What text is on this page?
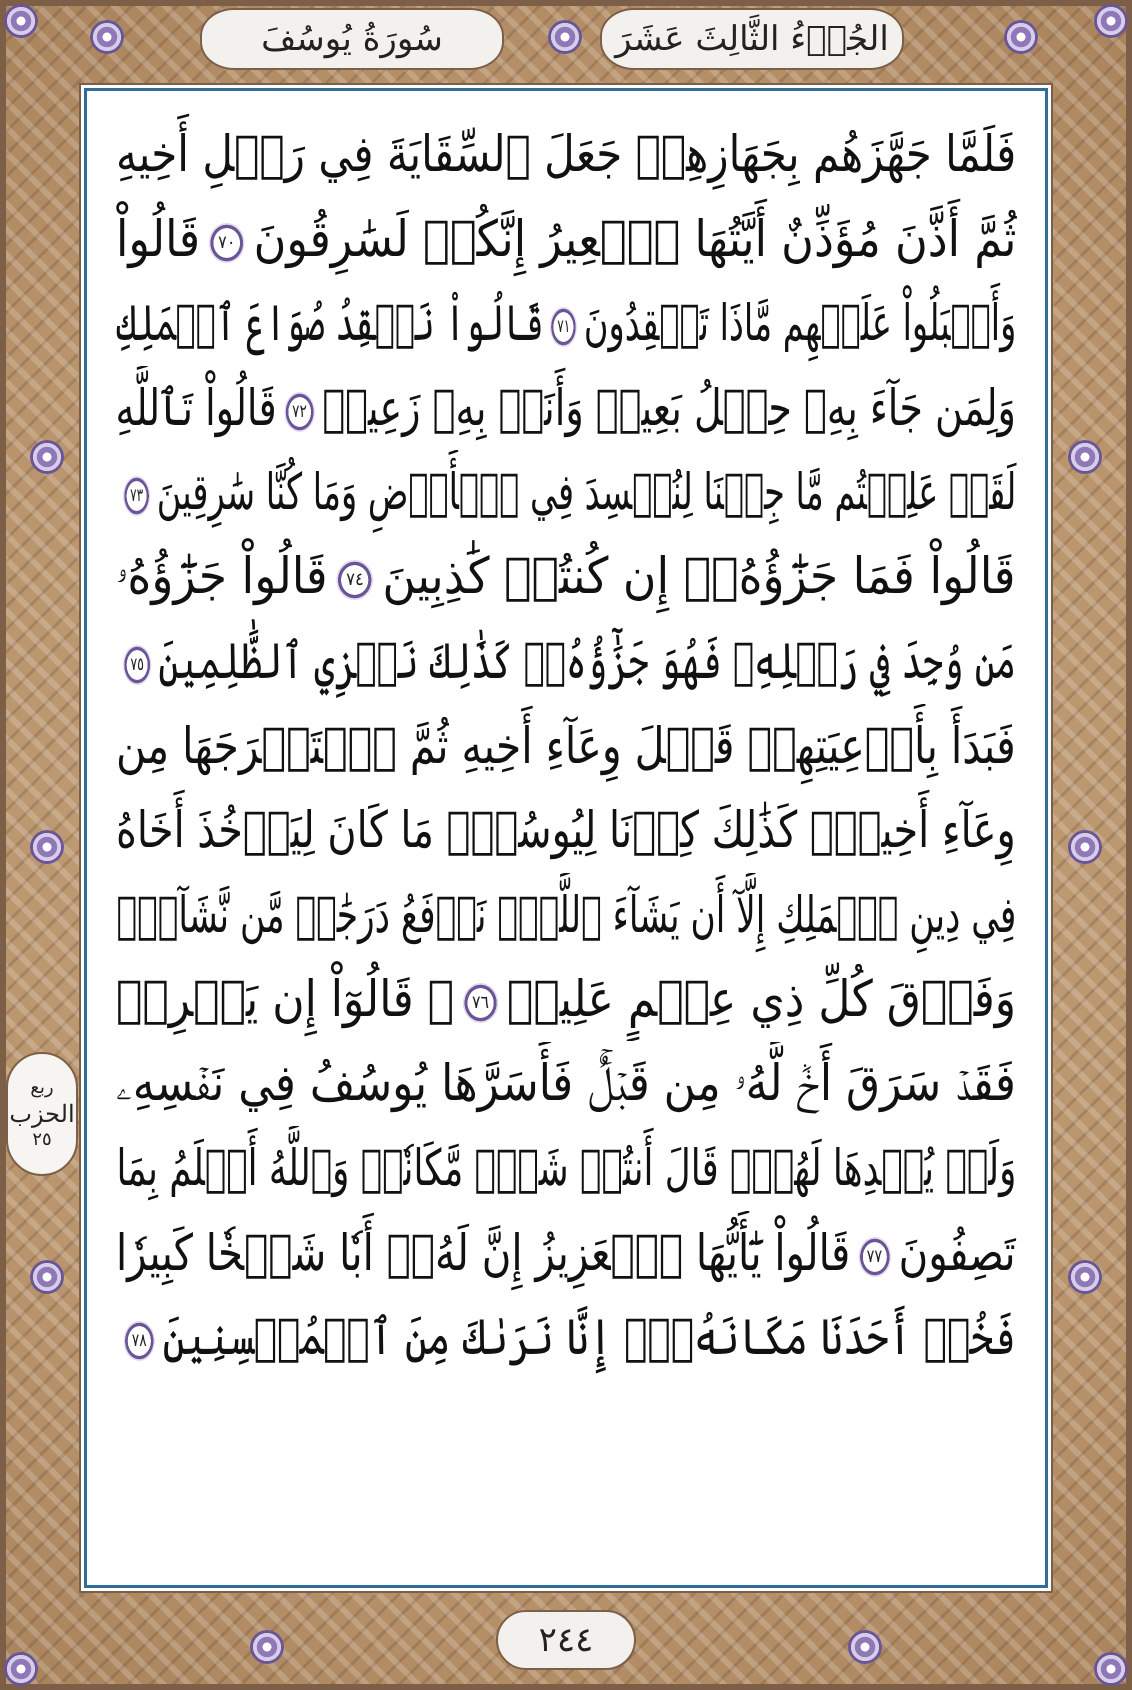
الجُزۡءُ الثَّالِثَ عَشَرَ
سُورَةُ يُوسُفَ
فَلَمَّا جَهَّزَهُم بِجَهَازِهِمۡ جَعَلَ ٱلسِّقَايَةَ فِي رَحۡلِ أَخِيهِ
ثُمَّ أَذَّنَ مُؤَذِّنٌ أَيَّتُهَا ٱلۡعِيرُ إِنَّكُمۡ لَسَٰرِقُونَ٧٠قَالُواْ
وَأَقۡبَلُواْ عَلَيۡهِم مَّاذَا تَفۡقِدُونَ٧١قَالُواْ نَفۡقِدُ صُوَاعَ ٱلۡمَلِكِ
وَلِمَن جَآءَ بِهِۦ حِمۡلُ بَعِيرٖ وَأَنَا۠ بِهِۦ زَعِيمٞ٧٢قَالُواْ تَٱللَّهِ
لَقَدۡ عَلِمۡتُم مَّا جِئۡنَا لِنُفۡسِدَ فِي ٱلۡأَرۡضِ وَمَا كُنَّا سَٰرِقِينَ٧٣
قَالُواْ فَمَا جَزَٰٓؤُهُۥٓ إِن كُنتُمۡ كَٰذِبِينَ٧٤قَالُواْ جَزَٰٓؤُهُۥ
مَن وُجِدَ فِي رَحۡلِهِۦ فَهُوَ جَزَٰٓؤُهُۥۚ كَذَٰلِكَ نَجۡزِي ٱلظَّٰلِمِينَ٧٥
فَبَدَأَ بِأَوۡعِيَتِهِمۡ قَبۡلَ وِعَآءِ أَخِيهِ ثُمَّ ٱسۡتَخۡرَجَهَا مِن
وِعَآءِ أَخِيهِۚ كَذَٰلِكَ كِدۡنَا لِيُوسُفَۖ مَا كَانَ لِيَأۡخُذَ أَخَاهُ
فِي دِينِ ٱلۡمَلِكِ إِلَّآ أَن يَشَآءَ ٱللَّهُۚ نَرۡفَعُ دَرَجَٰتٖ مَّن نَّشَآءُۗ
وَفَوۡقَ كُلِّ ذِي عِلۡمٍ عَلِيمٞ٧٦۞ قَالُوٓاْ إِن يَسۡرِقۡ
فَقَدۡ سَرَقَ أَخٞ لَّهُۥ مِن قَبۡلُۚ فَأَسَرَّهَا يُوسُفُ فِي نَفۡسِهِۦ
وَلَمۡ يُبۡدِهَا لَهُمۡۚ قَالَ أَنتُمۡ شَرّٞ مَّكَانٗاۖ وَٱللَّهُ أَعۡلَمُ بِمَا
تَصِفُونَ٧٧قَالُواْ يَٰٓأَيُّهَا ٱلۡعَزِيزُ إِنَّ لَهُۥٓ أَبٗا شَيۡخٗا كَبِيرٗا
فَخُذۡ أَحَدَنَا مَكَانَهُۥٓۖ إِنَّا نَرَىٰكَ مِنَ ٱلۡمُحۡسِنِينَ٧٨
ربع
الحزب
٢٥
٢٤٤
